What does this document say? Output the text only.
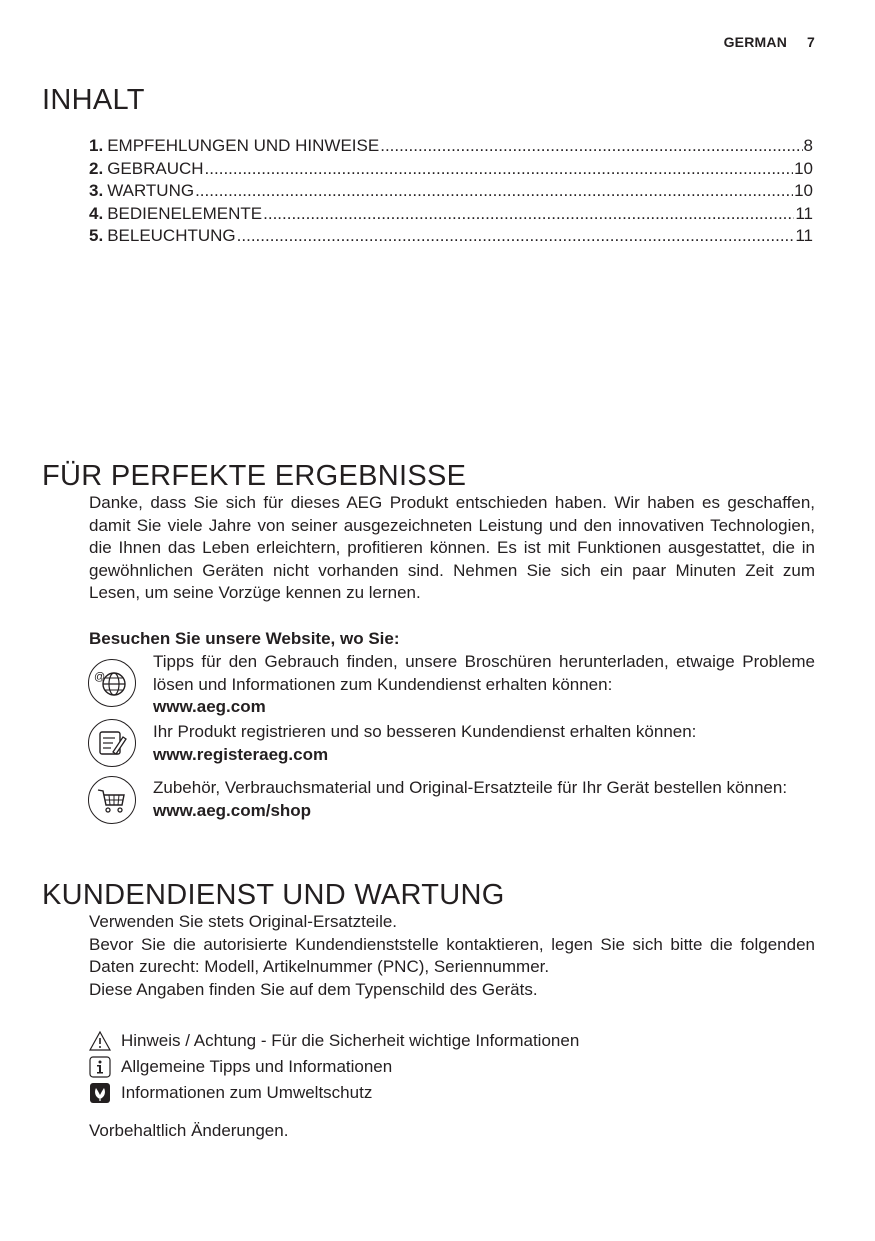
GERMAN 7
INHALT
1. EMPFEHLUNGEN UND HINWEISE .....	8
2. GEBRAUCH .....	10
3. WARTUNG .....	10
4. BEDIENELEMENTE .....	11
5. BELEUCHTUNG .....	11
FÜR PERFEKTE ERGEBNISSE
Danke, dass Sie sich für dieses AEG Produkt entschieden haben. Wir haben es geschaffen, damit Sie viele Jahre von seiner ausgezeichneten Leistung und den innovativen Technologien, die Ihnen das Leben erleichtern, profitieren können. Es ist mit Funktionen ausgestattet, die in gewöhnlichen Geräten nicht vorhanden sind. Nehmen Sie sich ein paar Minuten Zeit zum Lesen, um seine Vorzüge kennen zu lernen.
Besuchen Sie unsere Website, wo Sie:
@
Tipps für den Gebrauch finden, unsere Broschüren herunterladen, etwaige Probleme lösen und Informationen zum Kundendienst erhalten können:
www.aeg.com
Ihr Produkt registrieren und so besseren Kundendienst erhalten können:
www.registeraeg.com
Zubehör, Verbrauchsmaterial und Original-Ersatzteile für Ihr Gerät bestellen können:
www.aeg.com/shop
KUNDENDIENST UND WARTUNG
Verwenden Sie stets Original-Ersatzteile.
Bevor Sie die autorisierte Kundendienststelle kontaktieren, legen Sie sich bitte die folgenden Daten zurecht: Modell, Artikelnummer (PNC), Seriennummer.
Diese Angaben finden Sie auf dem Typenschild des Geräts.
Hinweis / Achtung - Für die Sicherheit wichtige Informationen
Allgemeine Tipps und Informationen
Informationen zum Umweltschutz
Vorbehaltlich Änderungen.
